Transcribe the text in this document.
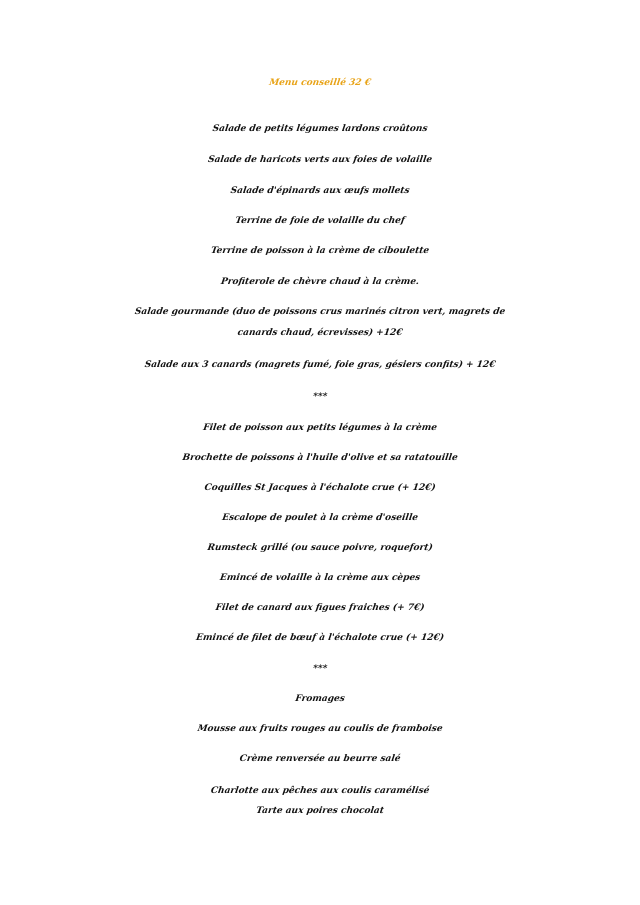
Menu conseillé 32 €
Salade de petits légumes lardons croûtons
Salade de haricots verts aux foies de volaille
Salade d'épinards aux œufs mollets
Terrine de foie de volaille du chef
Terrine de poisson à la crème de ciboulette
Profiterole de chèvre chaud à la crème.
Salade gourmande (duo de poissons crus marinés citron vert, magrets de
canards chaud, écrevisses) +12€
Salade aux 3 canards (magrets fumé, foie gras, gésiers confits) + 12€
***
Filet de poisson aux petits légumes à la crème
Brochette de poissons à l'huile d'olive et sa ratatouille
Coquilles St Jacques à l'échalote crue (+ 12€)
Escalope de poulet à la crème d'oseille
Rumsteck grillé (ou sauce poivre, roquefort)
Emincé de volaille à la crème aux cèpes
Filet de canard aux figues fraiches (+ 7€)
Emincé de filet de bœuf à l'échalote crue (+ 12€)
***
Fromages
Mousse aux fruits rouges au coulis de framboise
Crème renversée au beurre salé
Charlotte aux pêches aux coulis caramélisé
Tarte aux poires chocolat
